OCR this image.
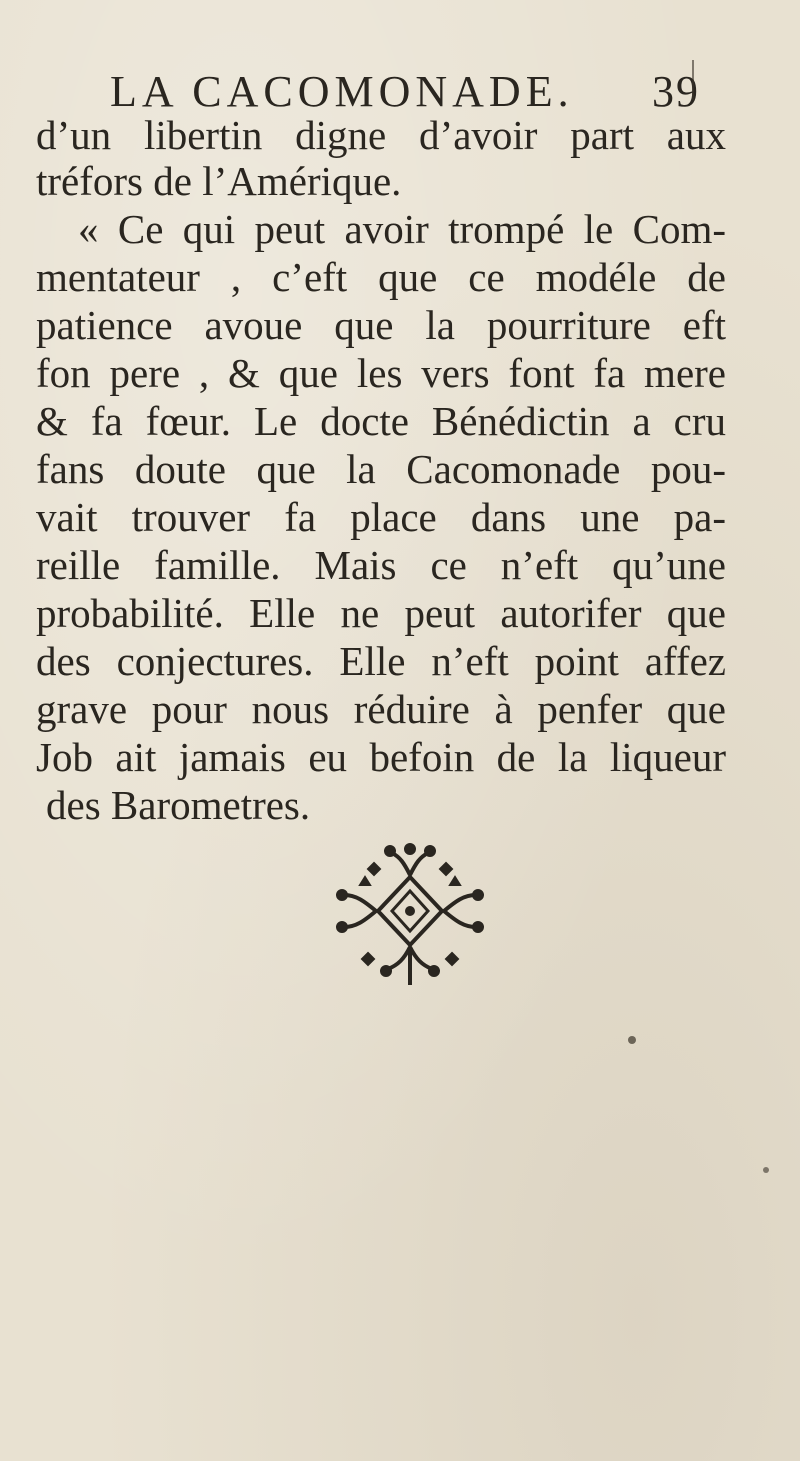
LA CACOMONADE. 39
d’un libertin digne d’avoir part aux
tréfors de l’Amérique.
« Ce qui peut avoir trompé le Com-
mentateur , c’eft que ce modéle de
patience avoue que la pourriture eft
fon pere , & que les vers font fa mere
& fa fœur. Le docte Bénédictin a cru
fans doute que la Cacomonade pou-
vait trouver fa place dans une pa-
reille famille. Mais ce n’eft qu’une
probabilité. Elle ne peut autorifer que
des conjectures. Elle n’eft point affez
grave pour nous réduire à penfer que
Job ait jamais eu befoin de la liqueur
des Barometres.
